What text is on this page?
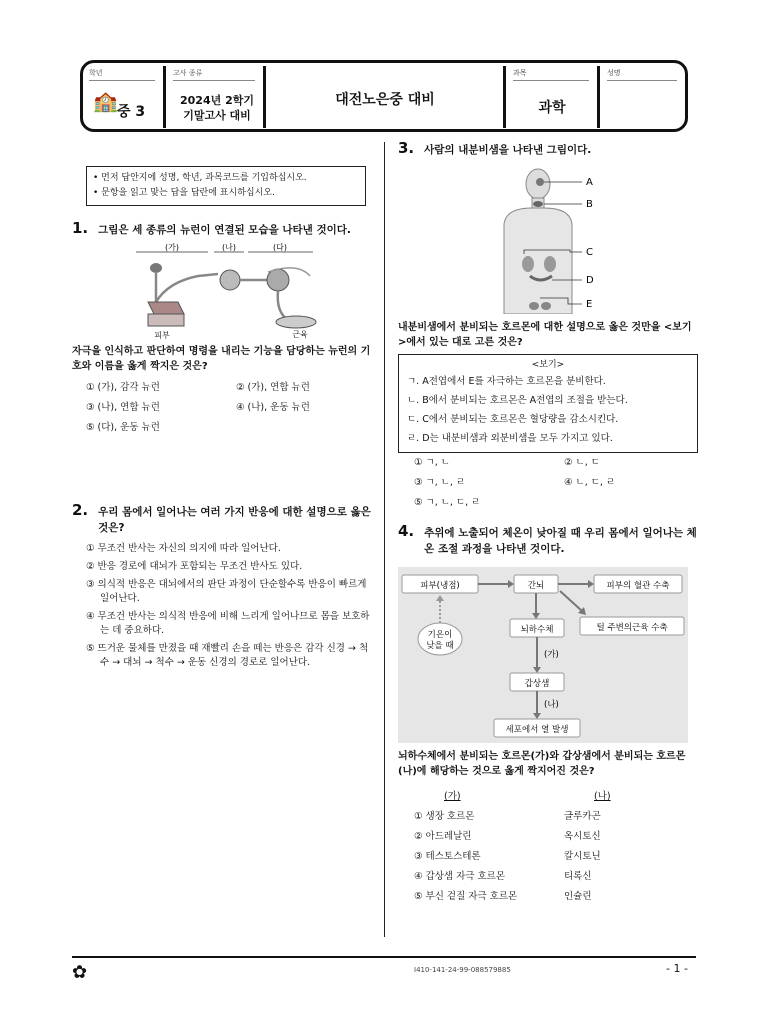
학년
🏫 중 3
고사 종류
2024년 2학기
기말고사 대비
대전노은중 대비
과목
과학
성명
• 먼저 답안지에 성명, 학년, 과목코드를 기입하십시오.
• 문항을 읽고 맞는 답을 답란에 표시하십시오.
1. 그림은 세 종류의 뉴런이 연결된 모습을 나타낸 것이다.
(가)	(나)	(다)
피부	근육
자극을 인식하고 판단하여 명령을 내리는 기능을 담당하는 뉴런의 기호와 이름을 옳게 짝지은 것은?
① (가), 감각 뉴런	② (가), 연합 뉴런
③ (나), 연합 뉴런	④ (나), 운동 뉴런
⑤ (다), 운동 뉴런
2. 우리 몸에서 일어나는 여러 가지 반응에 대한 설명으로 옳은 것은?
① 무조건 반사는 자신의 의지에 따라 일어난다.
② 반응 경로에 대뇌가 포함되는 무조건 반사도 있다.
③ 의식적 반응은 대뇌에서의 판단 과정이 단순할수록 반응이 빠르게 일어난다.
④ 무조건 반사는 의식적 반응에 비해 느리게 일어나므로 몸을 보호하는 데 중요하다.
⑤ 뜨거운 물체를 만졌을 때 재빨리 손을 떼는 반응은 감각 신경 → 척수 → 대뇌 → 척수 → 운동 신경의 경로로 일어난다.
3. 사람의 내분비샘을 나타낸 그림이다.
A
B
C
D
E
내분비샘에서 분비되는 호르몬에 대한 설명으로 옳은 것만을 <보기>에서 있는 대로 고른 것은?
<보기>
ㄱ. A전엽에서 E를 자극하는 호르몬을 분비한다.
ㄴ. B에서 분비되는 호르몬은 A전엽의 조절을 받는다.
ㄷ. C에서 분비되는 호르몬은 혈당량을 감소시킨다.
ㄹ. D는 내분비샘과 외분비샘을 모두 가지고 있다.
① ㄱ, ㄴ	② ㄴ, ㄷ
③ ㄱ, ㄴ, ㄹ	④ ㄴ, ㄷ, ㄹ
⑤ ㄱ, ㄴ, ㄷ, ㄹ
4. 추위에 노출되어 체온이 낮아질 때 우리 몸에서 일어나는 체온 조절 과정을 나타낸 것이다.
피부(냉점)	간뇌	피부의 혈관 수축
기온이
낮을 때
뇌하수체	털 주변의근육 수축
(가)
갑상샘
(나)
세포에서 열 발생
뇌하수체에서 분비되는 호르몬(가)와 갑상샘에서 분비되는 호르몬(나)에 해당하는 것으로 옳게 짝지어진 것은?
(가)	(나)
① 생장 호르몬	글루카곤
② 아드레날린	옥시토신
③ 테스토스테론	칼시토닌
④ 갑상샘 자극 호르몬	티록신
⑤ 부신 겉질 자극 호르몬	인슐린
✿	I410-141-24-99-088579885	- 1 -
